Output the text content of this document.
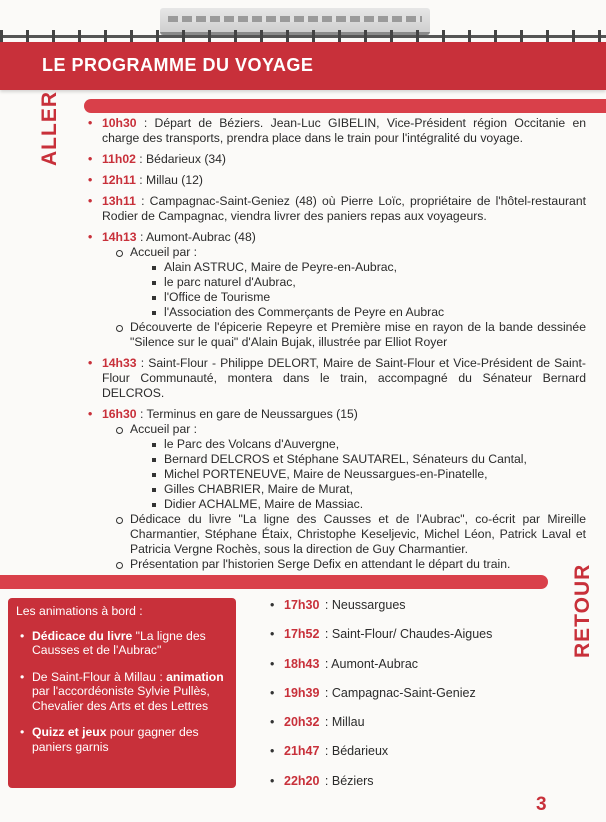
LE PROGRAMME DU VOYAGE
ALLER
•	10h30 : Départ de Béziers. Jean-Luc GIBELIN, Vice-Président région Occitanie en charge des transports, prendra place dans le train pour l'intégralité du voyage.
• 11h02 : Bédarieux (34)
• 12h11 : Millau (12)
• 13h11 : Campagnac-Saint-Geniez (48) où Pierre Loïc, propriétaire de l'hôtel-restaurant Rodier de Campagnac, viendra livrer des paniers repas aux voyageurs.
• 14h13 : Aumont-Aubrac (48)
Accueil par :
Alain ASTRUC, Maire de Peyre-en-Aubrac,
le parc naturel d'Aubrac,
l'Office de Tourisme
l'Association des Commerçants de Peyre en Aubrac
Découverte de l'épicerie Repeyre et Première mise en rayon de la bande dessinée "Silence sur le quai" d'Alain Bujak, illustrée par Elliot Royer
• 14h33 : Saint-Flour - Philippe DELORT, Maire de Saint-Flour et Vice-Président de Saint-Flour Communauté, montera dans le train, accompagné du Sénateur Bernard DELCROS.
• 16h30 : Terminus en gare de Neussargues (15)
Accueil par :
le Parc des Volcans d'Auvergne,
Bernard DELCROS et Stéphane SAUTAREL, Sénateurs du Cantal,
Michel PORTENEUVE, Maire de Neussargues-en-Pinatelle,
Gilles CHABRIER, Maire de Murat,
Didier ACHALME, Maire de Massiac.
Dédicace du livre "La ligne des Causses et de l'Aubrac", co-écrit par Mireille Charmantier, Stéphane Étaix, Christophe Keseljevic, Michel Léon, Patrick Laval et Patricia Vergne Rochès, sous la direction de Guy Charmantier.
Présentation par l'historien Serge Defix en attendant le départ du train.
Les animations à bord :
• Dédicace du livre "La ligne des Causses et de l'Aubrac"
• De Saint-Flour à Millau : animation par l'accordéoniste Sylvie Pullès, Chevalier des Arts et des Lettres
• Quizz et jeux pour gagner des paniers garnis
• 17h30 : Neussargues
• 17h52 : Saint-Flour/ Chaudes-Aigues
• 18h43 : Aumont-Aubrac
• 19h39 : Campagnac-Saint-Geniez
• 20h32 : Millau
• 21h47 : Bédarieux
• 22h20 : Béziers
RETOUR
3
